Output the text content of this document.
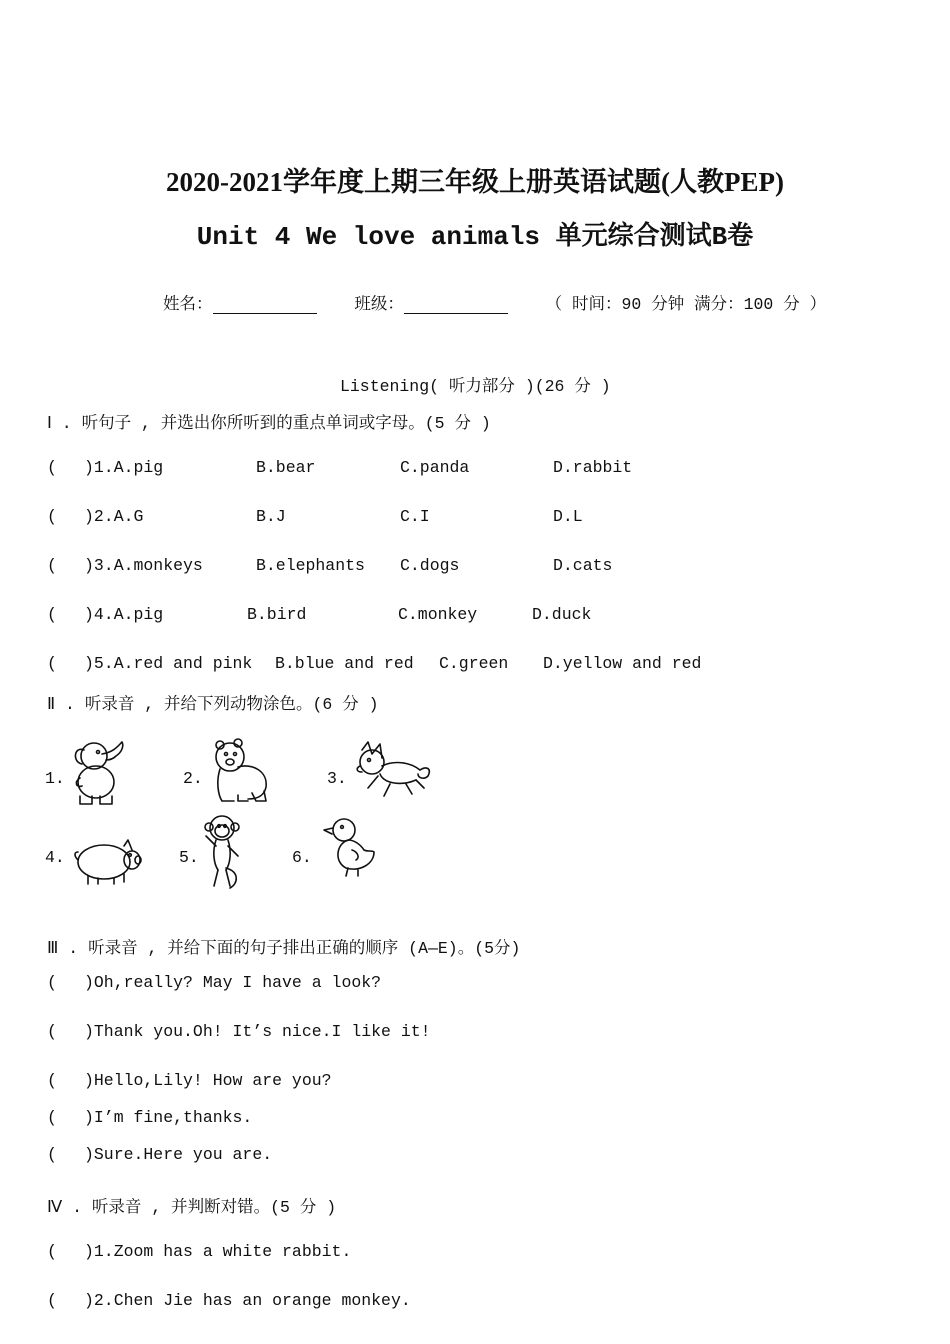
2020-2021学年度上期三年级上册英语试题(人教PEP)
Unit 4 We love animals 单元综合测试B卷
姓名：	班级：	（ 时间：90 分钟 满分：100 分 ）
Listening( 听力部分 )(26 分 )
Ⅰ . 听句子 , 并选出你所听到的重点单词或字母。(5 分 )
( )1.A.pig	B.bear	C.panda	D.rabbit
( )2.A.G	B.J	C.I	D.L
( )3.A.monkeys	B.elephants C.dogs	D.cats
( )4.A.pig	B.bird	C.monkey	D.duck
( )5.A.red and pink B.blue and red C.green D.yellow and red
Ⅱ . 听录音 , 并给下列动物涂色。(6 分 )
1.	2.	3.
4.	5.	6.
Ⅲ . 听录音 , 并给下面的句子排出正确的顺序 (A—E)。(5分)
( )Oh,really? May I have a look?
( )Thank you.Oh! It’s nice.I like it!
( )Hello,Lily! How are you?
( )I’m fine,thanks.
( )Sure.Here you are.
Ⅳ . 听录音 , 并判断对错。(5 分 )
( )1.Zoom has a white rabbit.
( )2.Chen Jie has an orange monkey.
